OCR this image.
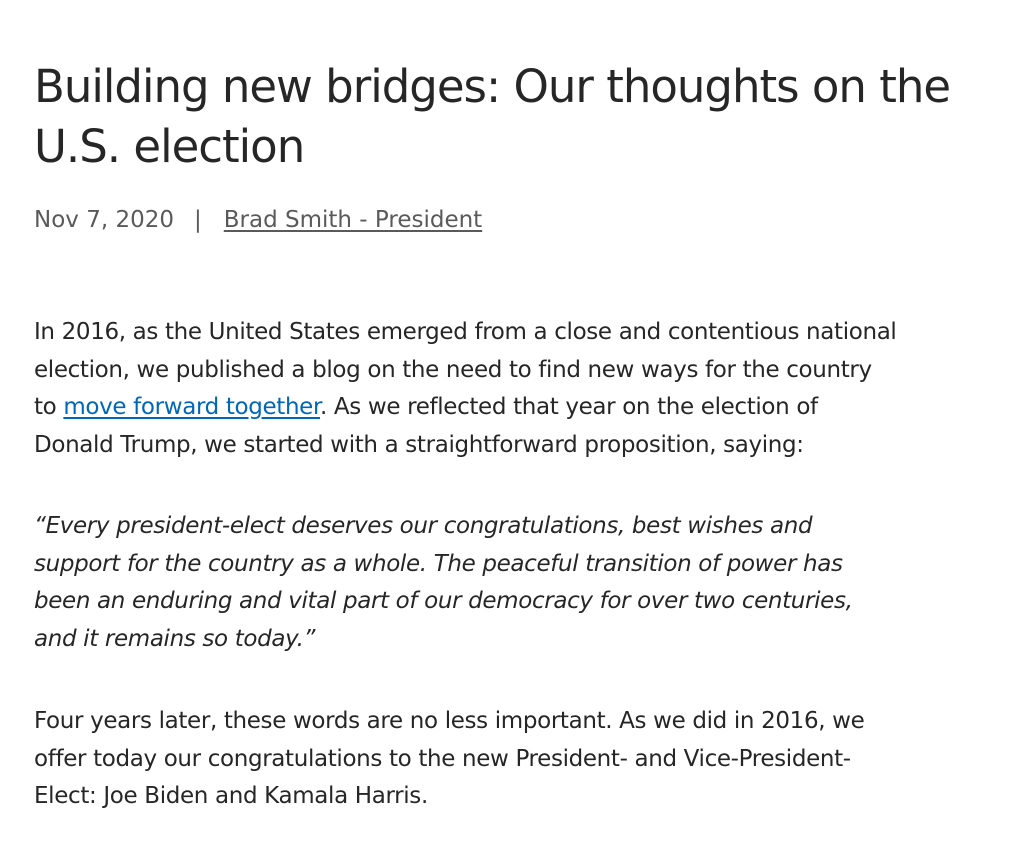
Building new bridges: Our thoughts on the
U.S. election
Nov 7, 2020 | Brad Smith - President

In 2016, as the United States emerged from a close and contentious national
election, we published a blog on the need to find new ways for the country
to move forward together. As we reflected that year on the election of
Donald Trump, we started with a straightforward proposition, saying:

“Every president-elect deserves our congratulations, best wishes and
support for the country as a whole. The peaceful transition of power has
been an enduring and vital part of our democracy for over two centuries,
and it remains so today.”

Four years later, these words are no less important. As we did in 2016, we
offer today our congratulations to the new President- and Vice-President-
Elect: Joe Biden and Kamala Harris.
